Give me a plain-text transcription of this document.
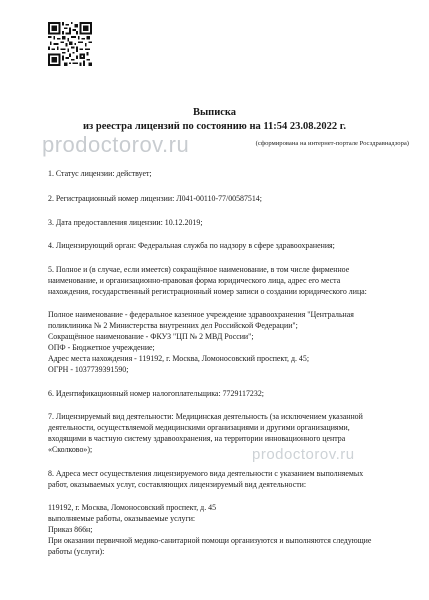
Выписка
из реестра лицензий по состоянию на 11:54 23.08.2022 г.
(сформирована на интернет-портале Росздравнадзора)
prodoctorov.ru
1. Статус лицензии: действует;
2. Регистрационный номер лицензии: Л041-00110-77/00587514;
3. Дата предоставления лицензии: 10.12.2019;
4. Лицензирующий орган: Федеральная служба по надзору в сфере здравоохранения;

5. Полное и (в случае, если имеется) сокращённое наименование, в том числе фирменное

наименование, и организационно-правовая форма юридического лица, адрес его места

нахождения, государственный регистрационный номер записи о создании юридического лица:

Полное наименование - федеральное казенное учреждение здравоохранения "Центральная

поликлиника № 2 Министерства внутренних дел Российской Федерации";

Сокращённое наименование - ФКУЗ "ЦП № 2 МВД России";

ОПФ - Бюджетное учреждение;

Адрес места нахождения - 119192, г. Москва, Ломоносовский проспект, д. 45;

ОГРН - 1037739391590;

6. Идентификационный номер налогоплательщика: 7729117232;

7. Лицензируемый вид деятельности: Медицинская деятельность (за исключением указанной

деятельности, осуществляемой медицинскими организациями и другими организациями,

входящими в частную систему здравоохранения, на территории инновационного центра

«Сколково»);

8. Адреса мест осуществления лицензируемого вида деятельности с указанием выполняемых

работ, оказываемых услуг, составляющих лицензируемый вид деятельности:

119192, г. Москва, Ломоносовский проспект, д. 45

выполняемые работы, оказываемые услуги:

Приказ 866н;

При оказании первичной медико-санитарной помощи организуются и выполняются следующие

работы (услуги):

prodoctorov.ru
